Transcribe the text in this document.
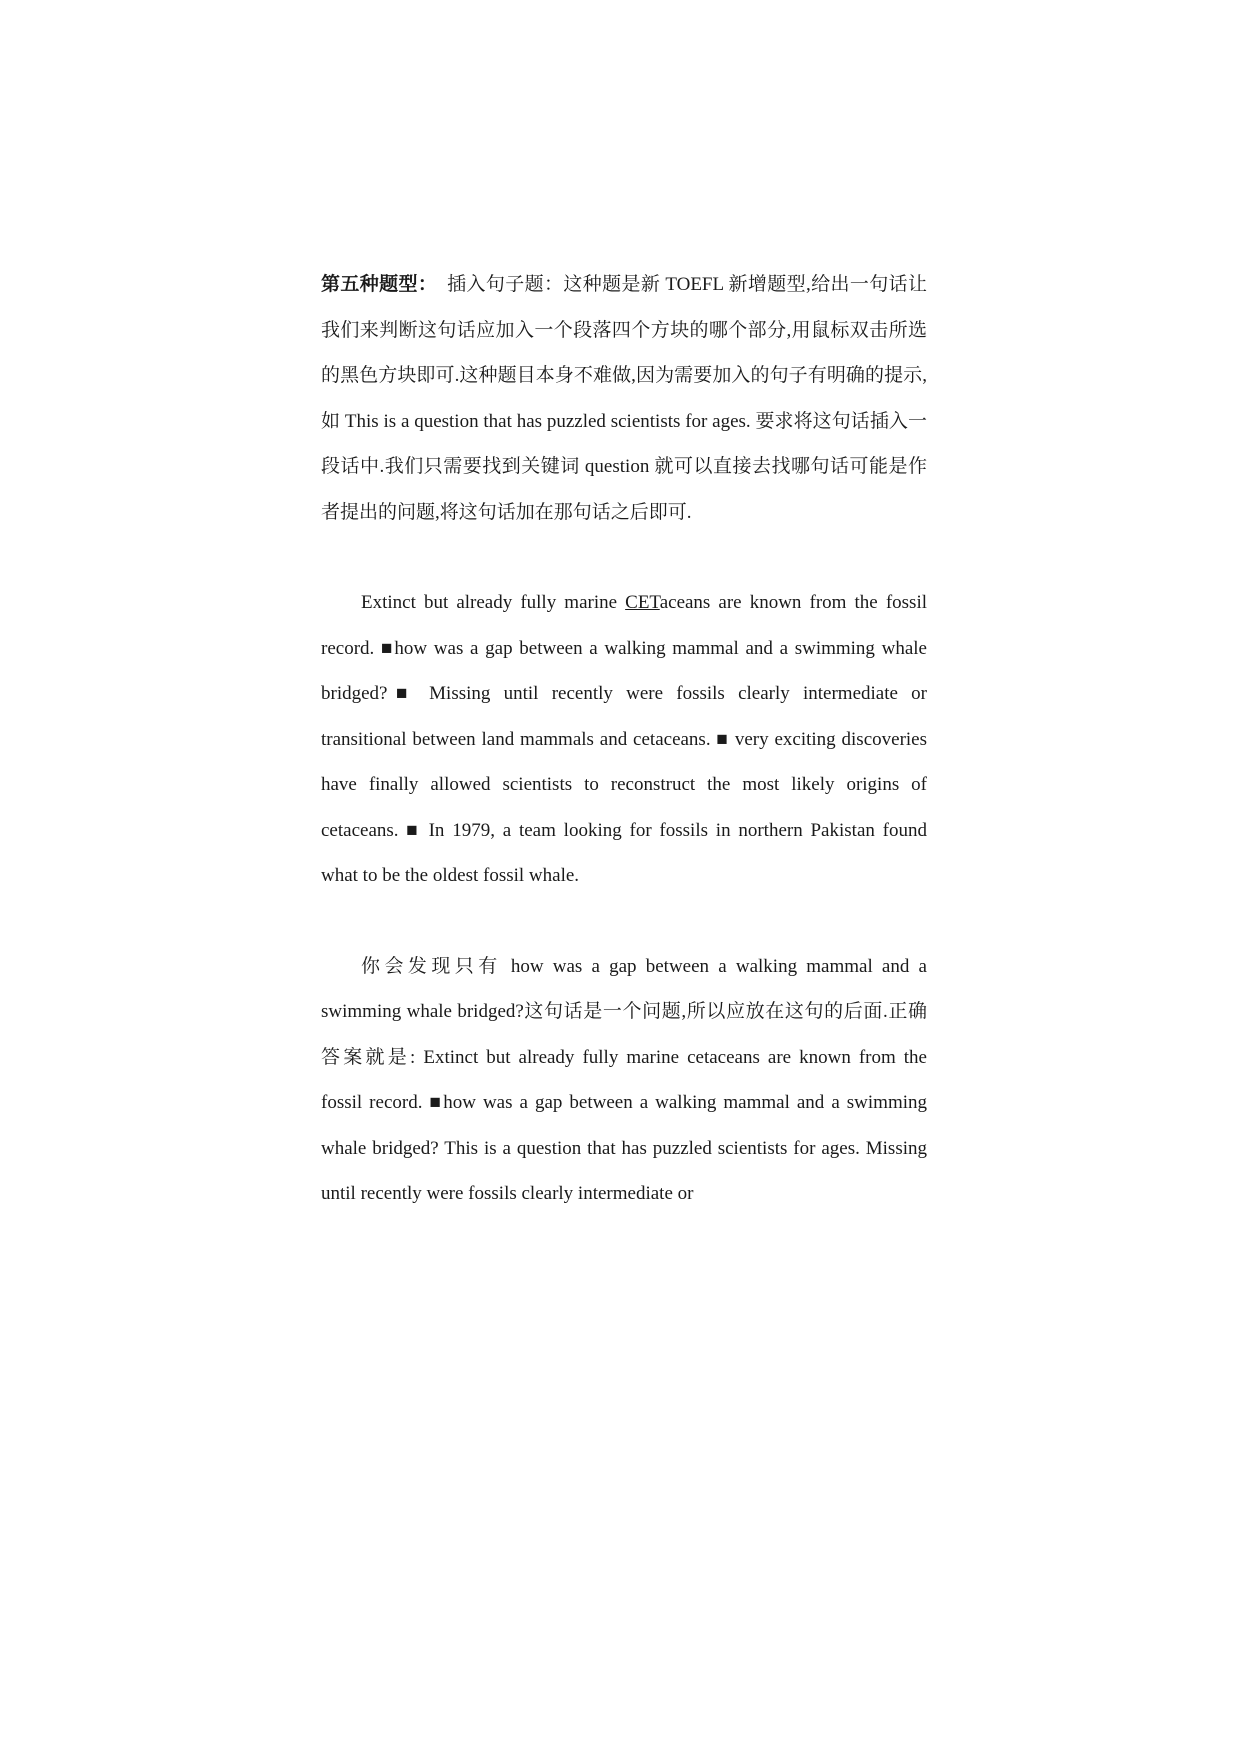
第五种题型：　插入句子题：这种题是新 TOEFL 新增题型,给出一句话让我们来判断这句话应加入一个段落四个方块的哪个部分,用鼠标双击所选的黑色方块即可.这种题目本身不难做,因为需要加入的句子有明确的提示,如 This is a question that has puzzled scientists for ages. 要求将这句话插入一段话中.我们只需要找到关键词 question 就可以直接去找哪句话可能是作者提出的问题,将这句话加在那句话之后即可.

Extinct but already fully marine CETaceans are known from the fossil record. ■how was a gap between a walking mammal and a swimming whale bridged?■ Missing until recently were fossils clearly intermediate or transitional between land mammals and cetaceans. ■ very exciting discoveries have finally allowed scientists to reconstruct the most likely origins of cetaceans. ■ In 1979, a team looking for fossils in northern Pakistan found what to be the oldest fossil whale.

你会发现只有 how was a gap between a walking mammal and a swimming whale bridged?这句话是一个问题,所以应放在这句的后面.正确答案就是: Extinct but already fully marine cetaceans are known from the fossil record. ■how was a gap between a walking mammal and a swimming whale bridged? This is a question that has puzzled scientists for ages. Missing until recently were fossils clearly intermediate or
